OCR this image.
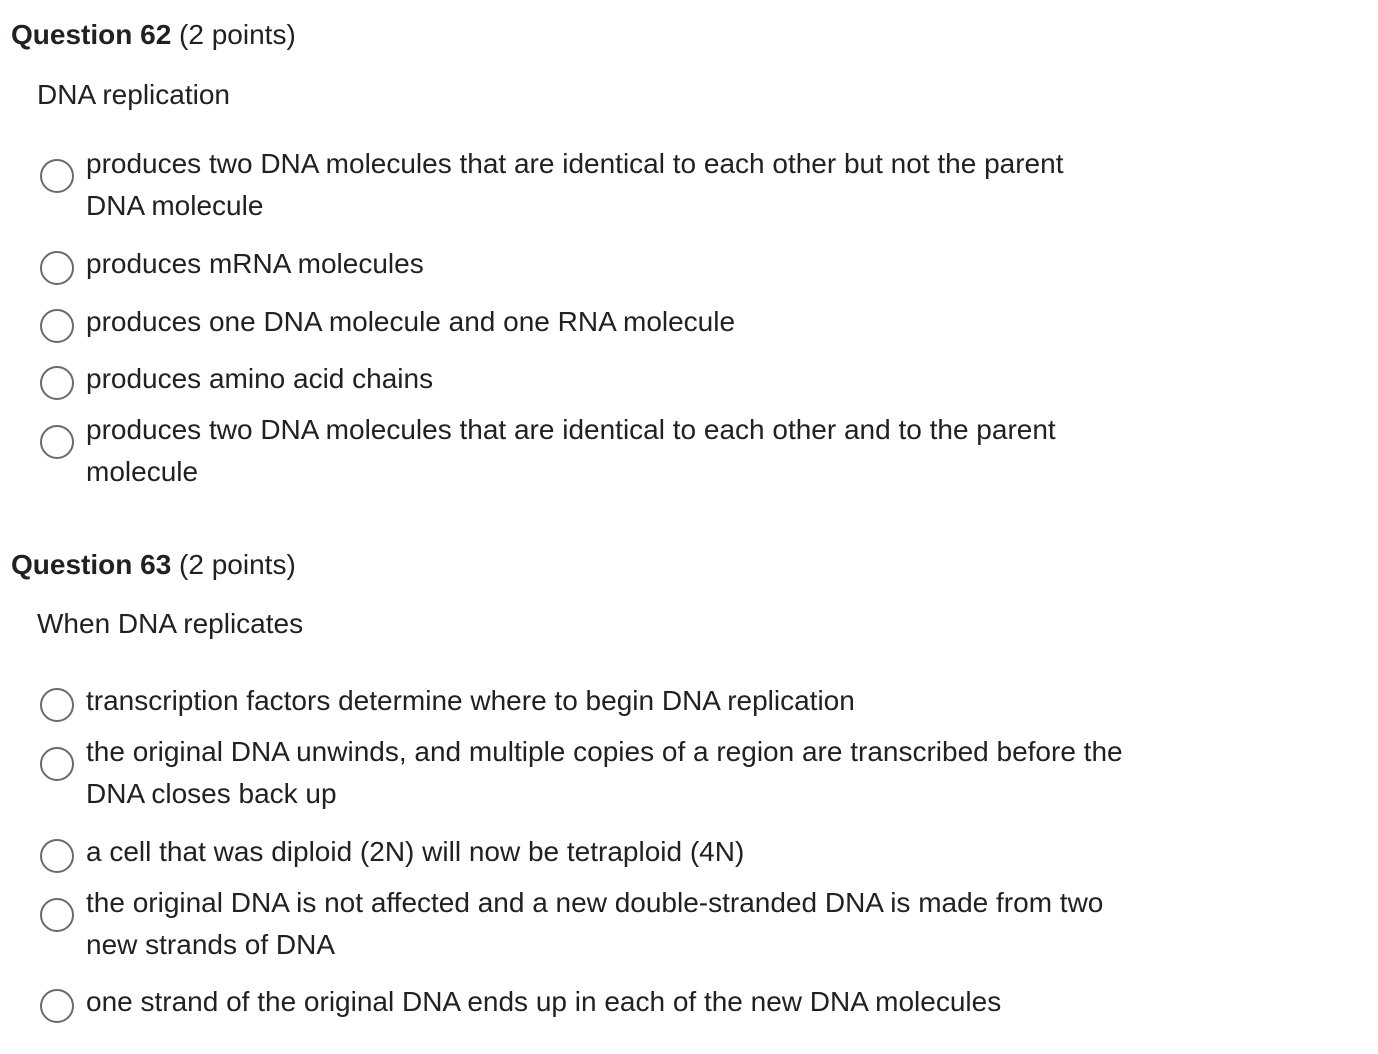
Question 62 (2 points)
DNA replication
produces two DNA molecules that are identical to each other but not the parent DNA molecule
produces mRNA molecules
produces one DNA molecule and one RNA molecule
produces amino acid chains
produces two DNA molecules that are identical to each other and to the parent molecule
Question 63 (2 points)
When DNA replicates
transcription factors determine where to begin DNA replication
the original DNA unwinds, and multiple copies of a region are transcribed before the DNA closes back up
a cell that was diploid (2N) will now be tetraploid (4N)
the original DNA is not affected and a new double-stranded DNA is made from two new strands of DNA
one strand of the original DNA ends up in each of the new DNA molecules
